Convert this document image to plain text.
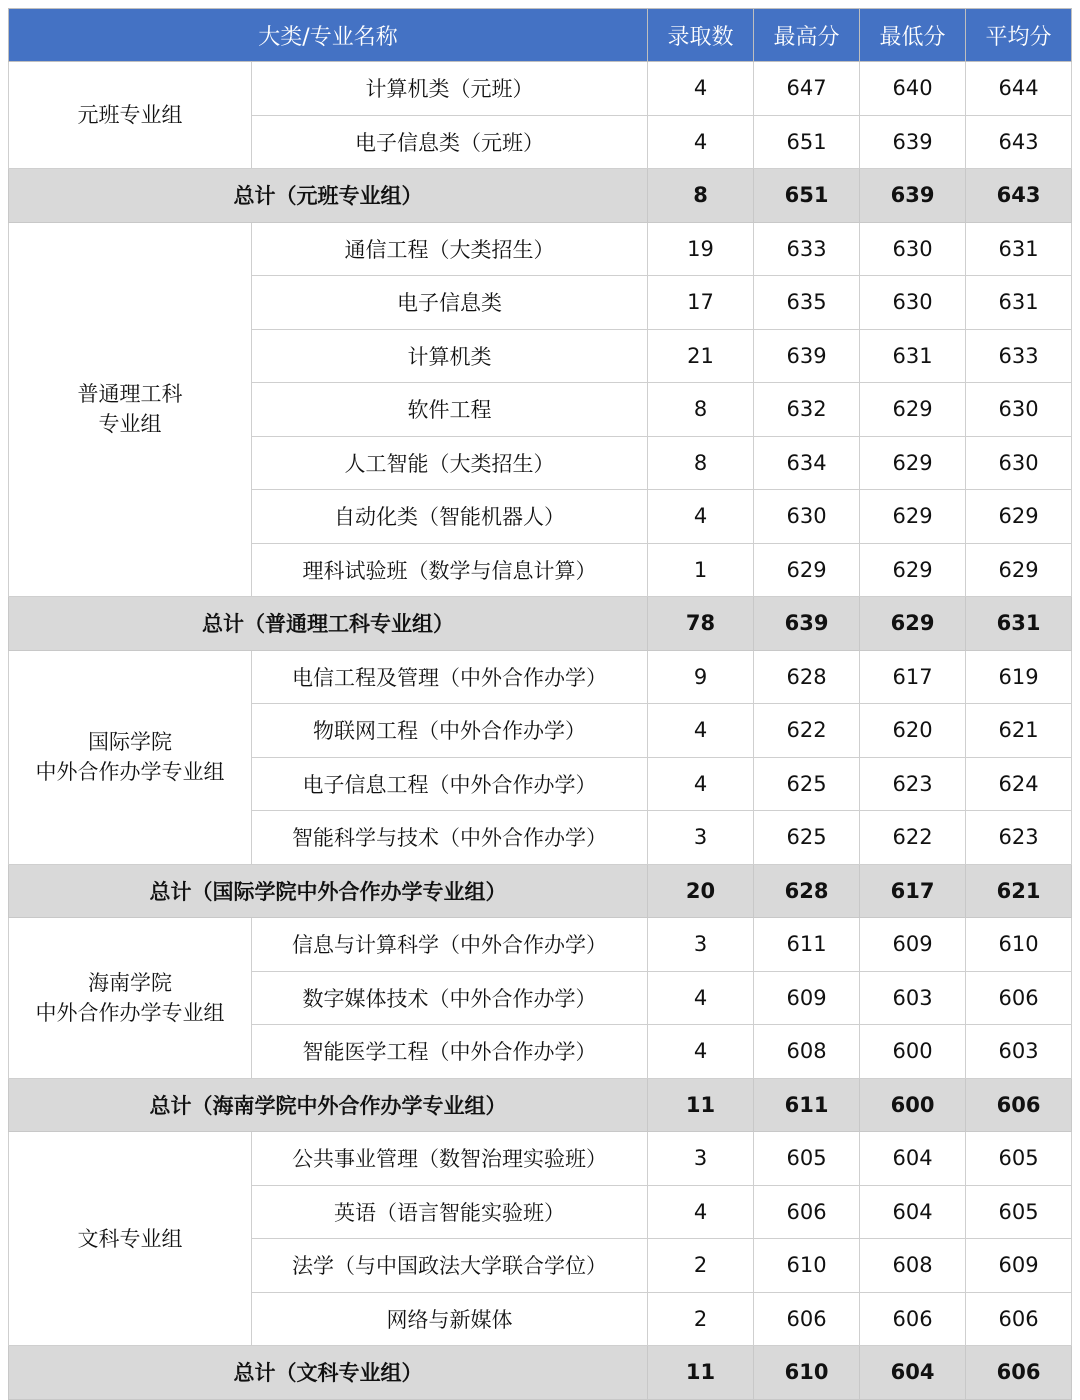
大类/专业名称		录取数	最高分	最低分	平均分
元班专业组	计算机类（元班）	4	647	640	644
	电子信息类（元班）	4	651	639	643
总计（元班专业组）		8	651	639	643
普通理工科
专业组	通信工程（大类招生）	19	633	630	631
	电子信息类	17	635	630	631
	计算机类	21	639	631	633
	软件工程	8	632	629	630
	人工智能（大类招生）	8	634	629	630
	自动化类（智能机器人）	4	630	629	629
	理科试验班（数学与信息计算）	1	629	629	629
总计（普通理工科专业组）		78	639	629	631
国际学院
中外合作办学专业组	电信工程及管理（中外合作办学）	9	628	617	619
	物联网工程（中外合作办学）	4	622	620	621
	电子信息工程（中外合作办学）	4	625	623	624
	智能科学与技术（中外合作办学）	3	625	622	623
总计（国际学院中外合作办学专业组）		20	628	617	621
海南学院
中外合作办学专业组	信息与计算科学（中外合作办学）	3	611	609	610
	数字媒体技术（中外合作办学）	4	609	603	606
	智能医学工程（中外合作办学）	4	608	600	603
总计（海南学院中外合作办学专业组）		11	611	600	606
文科专业组	公共事业管理（数智治理实验班）	3	605	604	605
	英语（语言智能实验班）	4	606	604	605
	法学（与中国政法大学联合学位）	2	610	608	609
	网络与新媒体	2	606	606	606
总计（文科专业组）		11	610	604	606
